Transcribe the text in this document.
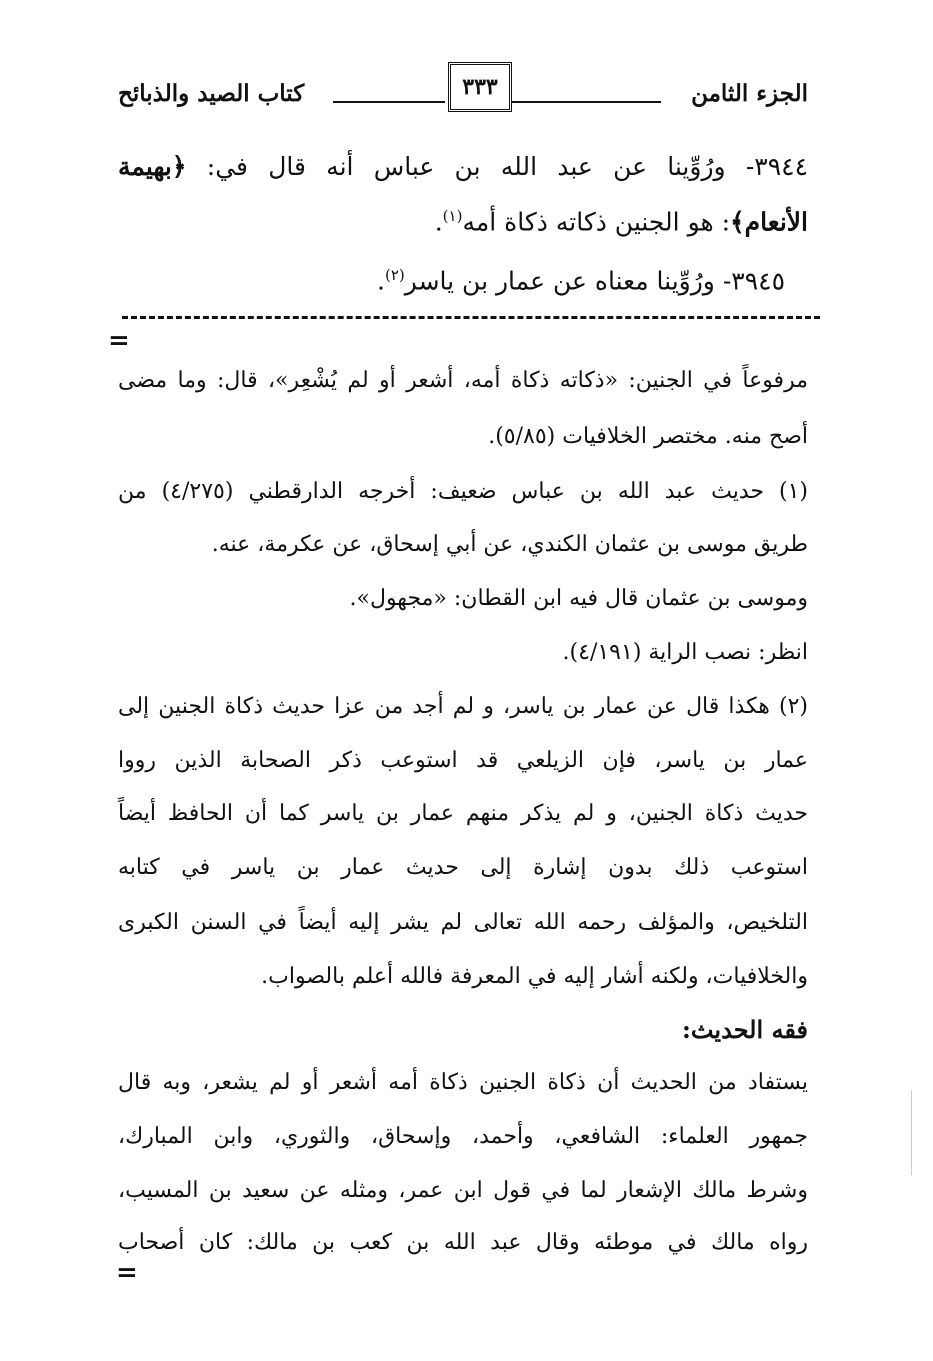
الجزء الثامن
٣٣٣
كتاب الصيد والذبائح
٣٩٤٤- ورُوِّينا عن عبد الله بن عباس أنه قال في: ﴿بهيمة
الأنعام﴾: هو الجنين ذكاته ذكاة أمه$^{(١)}$.
٣٩٤٥- ورُوِّينا معناه عن عمار بن ياسر$^{(٢)}$.
=
مرفوعاً في الجنين: «ذكاته ذكاة أمه، أشعر أو لم يُشْعِر»، قال: وما مضى
أصح منه. مختصر الخلافيات (٥/٨٥).
(١) حديث عبد الله بن عباس ضعيف: أخرجه الدارقطني (٤/٢٧٥) من
طريق موسى بن عثمان الكندي، عن أبي إسحاق، عن عكرمة، عنه.
وموسى بن عثمان قال فيه ابن القطان: «مجهول».
انظر: نصب الراية (٤/١٩١).
(٢) هكذا قال عن عمار بن ياسر، و لم أجد من عزا حديث ذكاة الجنين إلى
عمار بن ياسر، فإن الزيلعي قد استوعب ذكر الصحابة الذين رووا
حديث ذكاة الجنين، و لم يذكر منهم عمار بن ياسر كما أن الحافظ أيضاً
استوعب ذلك بدون إشارة إلى حديث عمار بن ياسر في كتابه
التلخيص، والمؤلف رحمه الله تعالى لم يشر إليه أيضاً في السنن الكبرى
والخلافيات، ولكنه أشار إليه في المعرفة فالله أعلم بالصواب.
فقه الحديث:
يستفاد من الحديث أن ذكاة الجنين ذكاة أمه أشعر أو لم يشعر، وبه قال
جمهور العلماء: الشافعي، وأحمد، وإسحاق، والثوري، وابن المبارك،
وشرط مالك الإشعار لما في قول ابن عمر، ومثله عن سعيد بن المسيب،
رواه مالك في موطئه وقال عبد الله بن كعب بن مالك: كان أصحاب
=
